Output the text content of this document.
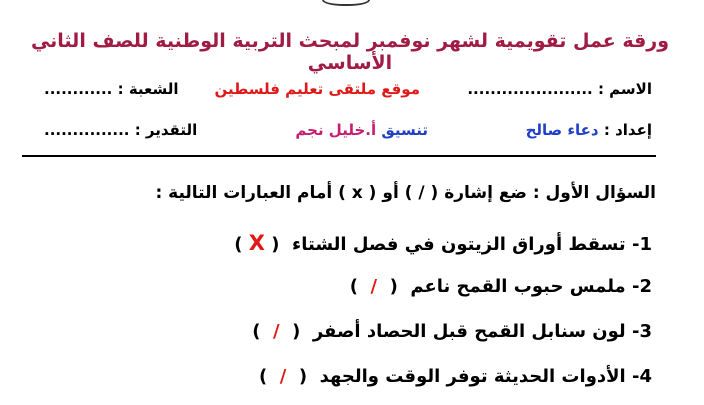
ورقة عمل تقويمية لشهر نوفمبر لمبحث التربية الوطنية للصف الثاني الأساسي
الاسم : ......................
موقع ملتقى تعليم فلسطين
الشعبة : ............
إعداد : دعاء صالح
تنسيق أ.خليل نجم
التقدير : ...............
السؤال الأول : ضع إشارة ( / ) أو ( x ) أمام العبارات التالية :
1- تسقط أوراق الزيتون في فصل الشتاء  ( X )
2- ملمس حبوب القمح ناعم  (  /  )
3- لون سنابل القمح قبل الحصاد أصفر  (  /  )
4- الأدوات الحديثة توفر الوقت والجهد  (  /  )
